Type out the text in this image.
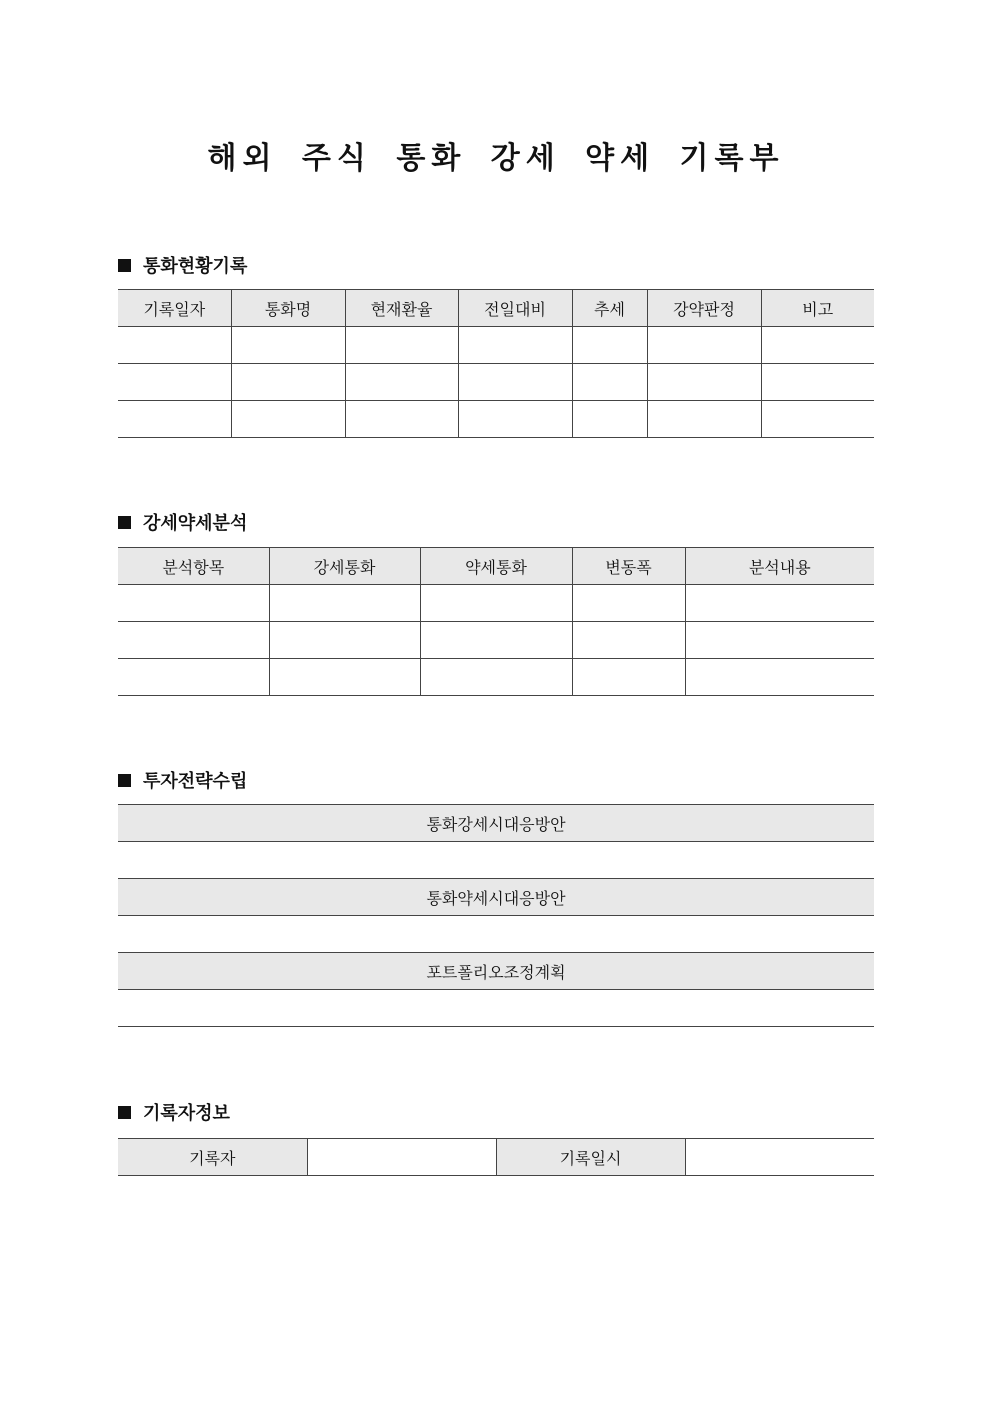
해외 주식 통화 강세 약세 기록부
통화현황기록
기록일자	통화명	현재환율	전일대비	추세	강약판정	비고

강세약세분석
분석항목	강세통화	약세통화	변동폭	분석내용

투자전략수립
통화강세시대응방안

통화약세시대응방안

포트폴리오조정계획

기록자정보
기록자		기록일시	
